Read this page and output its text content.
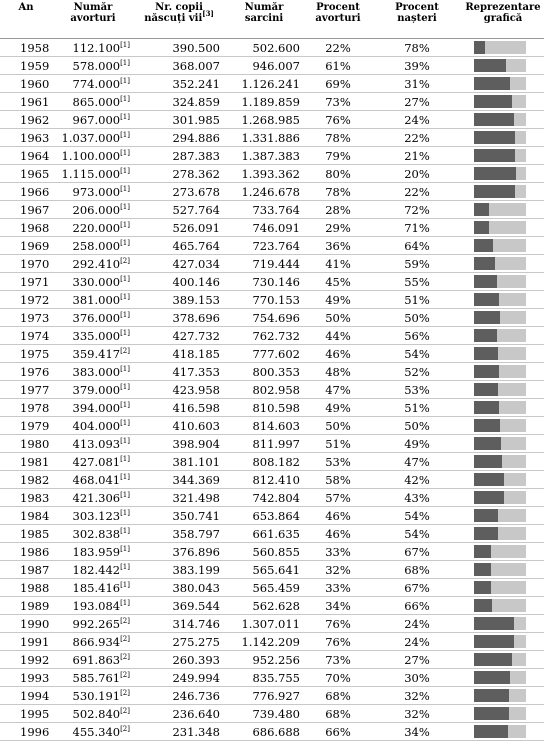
An	Număr avorturi	Nr. copii născuți vii[3]	Număr sarcini	Procent avorturi	Procent nașteri	Reprezentare grafică
1958	112.100[1]	390.500	502.600	22%	78%	

1959	578.000[1]	368.007	946.007	61%	39%	

1960	774.000[1]	352.241	1.126.241	69%	31%	

1961	865.000[1]	324.859	1.189.859	73%	27%	

1962	967.000[1]	301.985	1.268.985	76%	24%	

1963	1.037.000[1]	294.886	1.331.886	78%	22%	

1964	1.100.000[1]	287.383	1.387.383	79%	21%	

1965	1.115.000[1]	278.362	1.393.362	80%	20%	

1966	973.000[1]	273.678	1.246.678	78%	22%	

1967	206.000[1]	527.764	733.764	28%	72%	

1968	220.000[1]	526.091	746.091	29%	71%	

1969	258.000[1]	465.764	723.764	36%	64%	

1970	292.410[2]	427.034	719.444	41%	59%	

1971	330.000[1]	400.146	730.146	45%	55%	

1972	381.000[1]	389.153	770.153	49%	51%	

1973	376.000[1]	378.696	754.696	50%	50%	

1974	335.000[1]	427.732	762.732	44%	56%	

1975	359.417[2]	418.185	777.602	46%	54%	

1976	383.000[1]	417.353	800.353	48%	52%	

1977	379.000[1]	423.958	802.958	47%	53%	

1978	394.000[1]	416.598	810.598	49%	51%	

1979	404.000[1]	410.603	814.603	50%	50%	

1980	413.093[1]	398.904	811.997	51%	49%	

1981	427.081[1]	381.101	808.182	53%	47%	

1982	468.041[1]	344.369	812.410	58%	42%	

1983	421.306[1]	321.498	742.804	57%	43%	

1984	303.123[1]	350.741	653.864	46%	54%	

1985	302.838[1]	358.797	661.635	46%	54%	

1986	183.959[1]	376.896	560.855	33%	67%	

1987	182.442[1]	383.199	565.641	32%	68%	

1988	185.416[1]	380.043	565.459	33%	67%	

1989	193.084[1]	369.544	562.628	34%	66%	

1990	992.265[2]	314.746	1.307.011	76%	24%	

1991	866.934[2]	275.275	1.142.209	76%	24%	

1992	691.863[2]	260.393	952.256	73%	27%	

1993	585.761[2]	249.994	835.755	70%	30%	

1994	530.191[2]	246.736	776.927	68%	32%	

1995	502.840[2]	236.640	739.480	68%	32%	

1996	455.340[2]	231.348	686.688	66%	34%	
